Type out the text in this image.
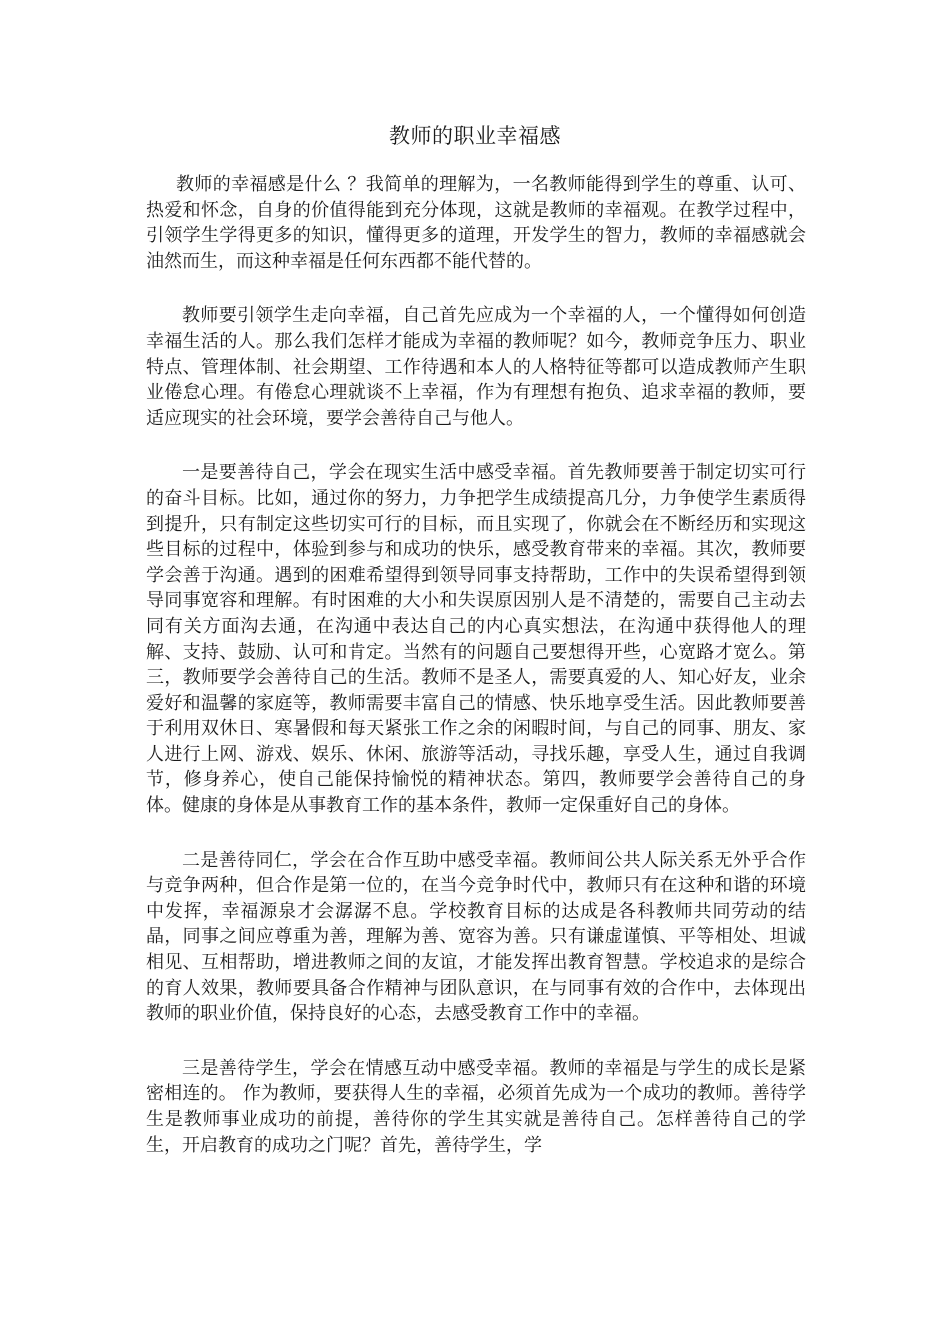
教师的职业幸福感

教师的幸福感是什么 ？我简单的理解为，一名教师能得到学生的尊重、认可、热爱和怀念，自身的价值得能到充分体现，这就是教师的幸福观。在教学过程中，引领学生学得更多的知识，懂得更多的道理，开发学生的智力，教师的幸福感就会油然而生，而这种幸福是任何东西都不能代替的。

教师要引领学生走向幸福，自己首先应成为一个幸福的人，一个懂得如何创造幸福生活的人。那么我们怎样才能成为幸福的教师呢？如今，教师竞争压力、职业特点、管理体制、社会期望、工作待遇和本人的人格特征等都可以造成教师产生职业倦怠心理。有倦怠心理就谈不上幸福，作为有理想有抱负、追求幸福的教师，要适应现实的社会环境，要学会善待自己与他人。

一是要善待自己，学会在现实生活中感受幸福。首先教师要善于制定切实可行的奋斗目标。比如，通过你的努力，力争把学生成绩提高几分，力争使学生素质得到提升，只有制定这些切实可行的目标，而且实现了，你就会在不断经历和实现这些目标的过程中，体验到参与和成功的快乐，感受教育带来的幸福。其次，教师要学会善于沟通。遇到的困难希望得到领导同事支持帮助，工作中的失误希望得到领导同事宽容和理解。有时困难的大小和失误原因别人是不清楚的，需要自己主动去同有关方面沟去通，在沟通中表达自己的内心真实想法，在沟通中获得他人的理解、支持、鼓励、认可和肯定。当然有的问题自己要想得开些，心宽路才宽么。第三，教师要学会善待自己的生活。教师不是圣人，需要真爱的人、知心好友，业余爱好和温馨的家庭等，教师需要丰富自己的情感、快乐地享受生活。因此教师要善于利用双休日、寒暑假和每天紧张工作之余的闲暇时间，与自己的同事、朋友、家人进行上网、游戏、娱乐、休闲、旅游等活动，寻找乐趣，享受人生，通过自我调节，修身养心，使自己能保持愉悦的精神状态。第四，教师要学会善待自己的身体。健康的身体是从事教育工作的基本条件，教师一定保重好自己的身体。

二是善待同仁，学会在合作互助中感受幸福。教师间公共人际关系无外乎合作与竞争两种，但合作是第一位的，在当今竞争时代中，教师只有在这种和谐的环境中发挥，幸福源泉才会潺潺不息。学校教育目标的达成是各科教师共同劳动的结晶，同事之间应尊重为善，理解为善、宽容为善。只有谦虚谨慎、平等相处、坦诚相见、互相帮助，增进教师之间的友谊，才能发挥出教育智慧。学校追求的是综合的育人效果，教师要具备合作精神与团队意识，在与同事有效的合作中，去体现出教师的职业价值，保持良好的心态，去感受教育工作中的幸福。

三是善待学生，学会在情感互动中感受幸福。教师的幸福是与学生的成长是紧密相连的。 作为教师，要获得人生的幸福，必须首先成为一个成功的教师。善待学生是教师事业成功的前提，善待你的学生其实就是善待自己。怎样善待自己的学生，开启教育的成功之门呢？首先，善待学生，学
